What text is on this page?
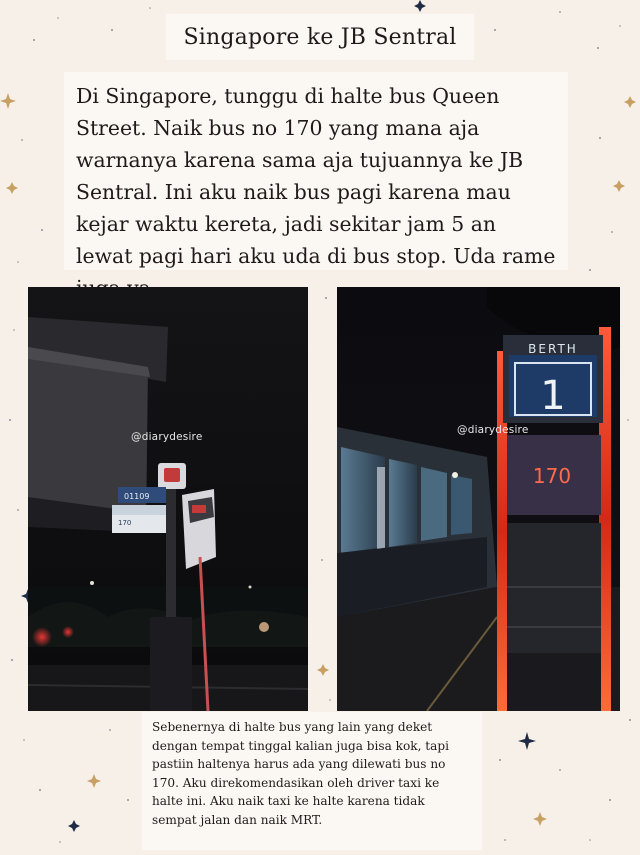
Singapore ke JB Sentral

Di Singapore, tunggu di halte bus Queen Street. Naik bus no 170 yang mana aja warnanya karena sama aja tujuannya ke JB Sentral. Ini aku naik bus pagi karena mau kejar waktu kereta, jadi sekitar jam 5 an lewat pagi hari aku uda di bus stop. Uda rame

01109
170
@diarydesire
BERTH
1
170
@diarydesire

Sebenernya di halte bus yang lain yang deket dengan tempat tinggal kalian juga bisa kok, tapi pastiin haltenya harus ada yang dilewati bus no 170. Aku direkomendasikan oleh driver taxi ke halte ini. Aku naik taxi ke halte karena tidak sempat jalan dan naik MRT.
